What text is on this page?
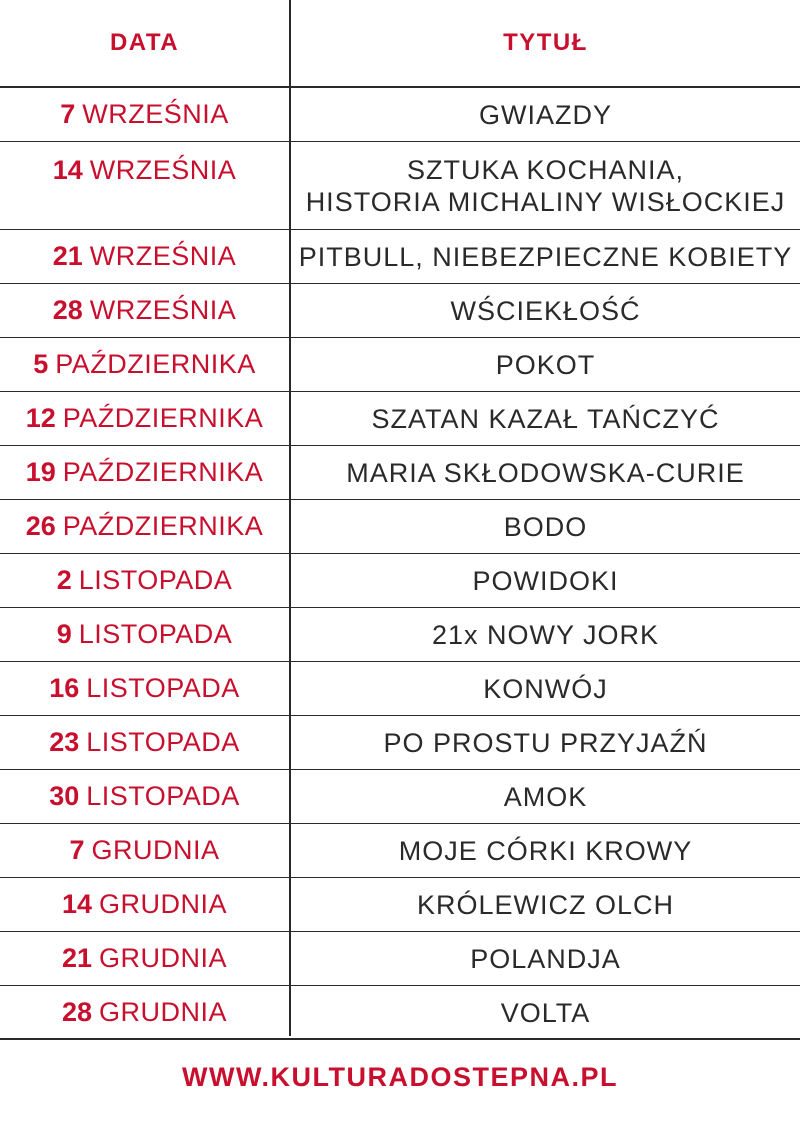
DATA	TYTUŁ
7 WRZEŚNIA	GWIAZDY
14 WRZEŚNIA	SZTUKA KOCHANIA,
HISTORIA MICHALINY WISŁOCKIEJ
21 WRZEŚNIA PITBULL, NIEBEZPIECZNE KOBIETY
28 WRZEŚNIA	WŚCIEKŁOŚĆ
5 PAŹDZIERNIKA	POKOT
12 PAŹDZIERNIKA	SZATAN KAZAŁ TAŃCZYĆ
19 PAŹDZIERNIKA	MARIA SKŁODOWSKA-CURIE
26 PAŹDZIERNIKA	BODO
2 LISTOPADA	POWIDOKI
9 LISTOPADA	21x NOWY JORK
16 LISTOPADA	KONWÓJ
23 LISTOPADA	PO PROSTU PRZYJAŹŃ
30 LISTOPADA	AMOK
7 GRUDNIA	MOJE CÓRKI KROWY
14 GRUDNIA	KRÓLEWICZ OLCH
21 GRUDNIA	POLANDJA
28 GRUDNIA	VOLTA
WWW.KULTURADOSTEPNA.PL
